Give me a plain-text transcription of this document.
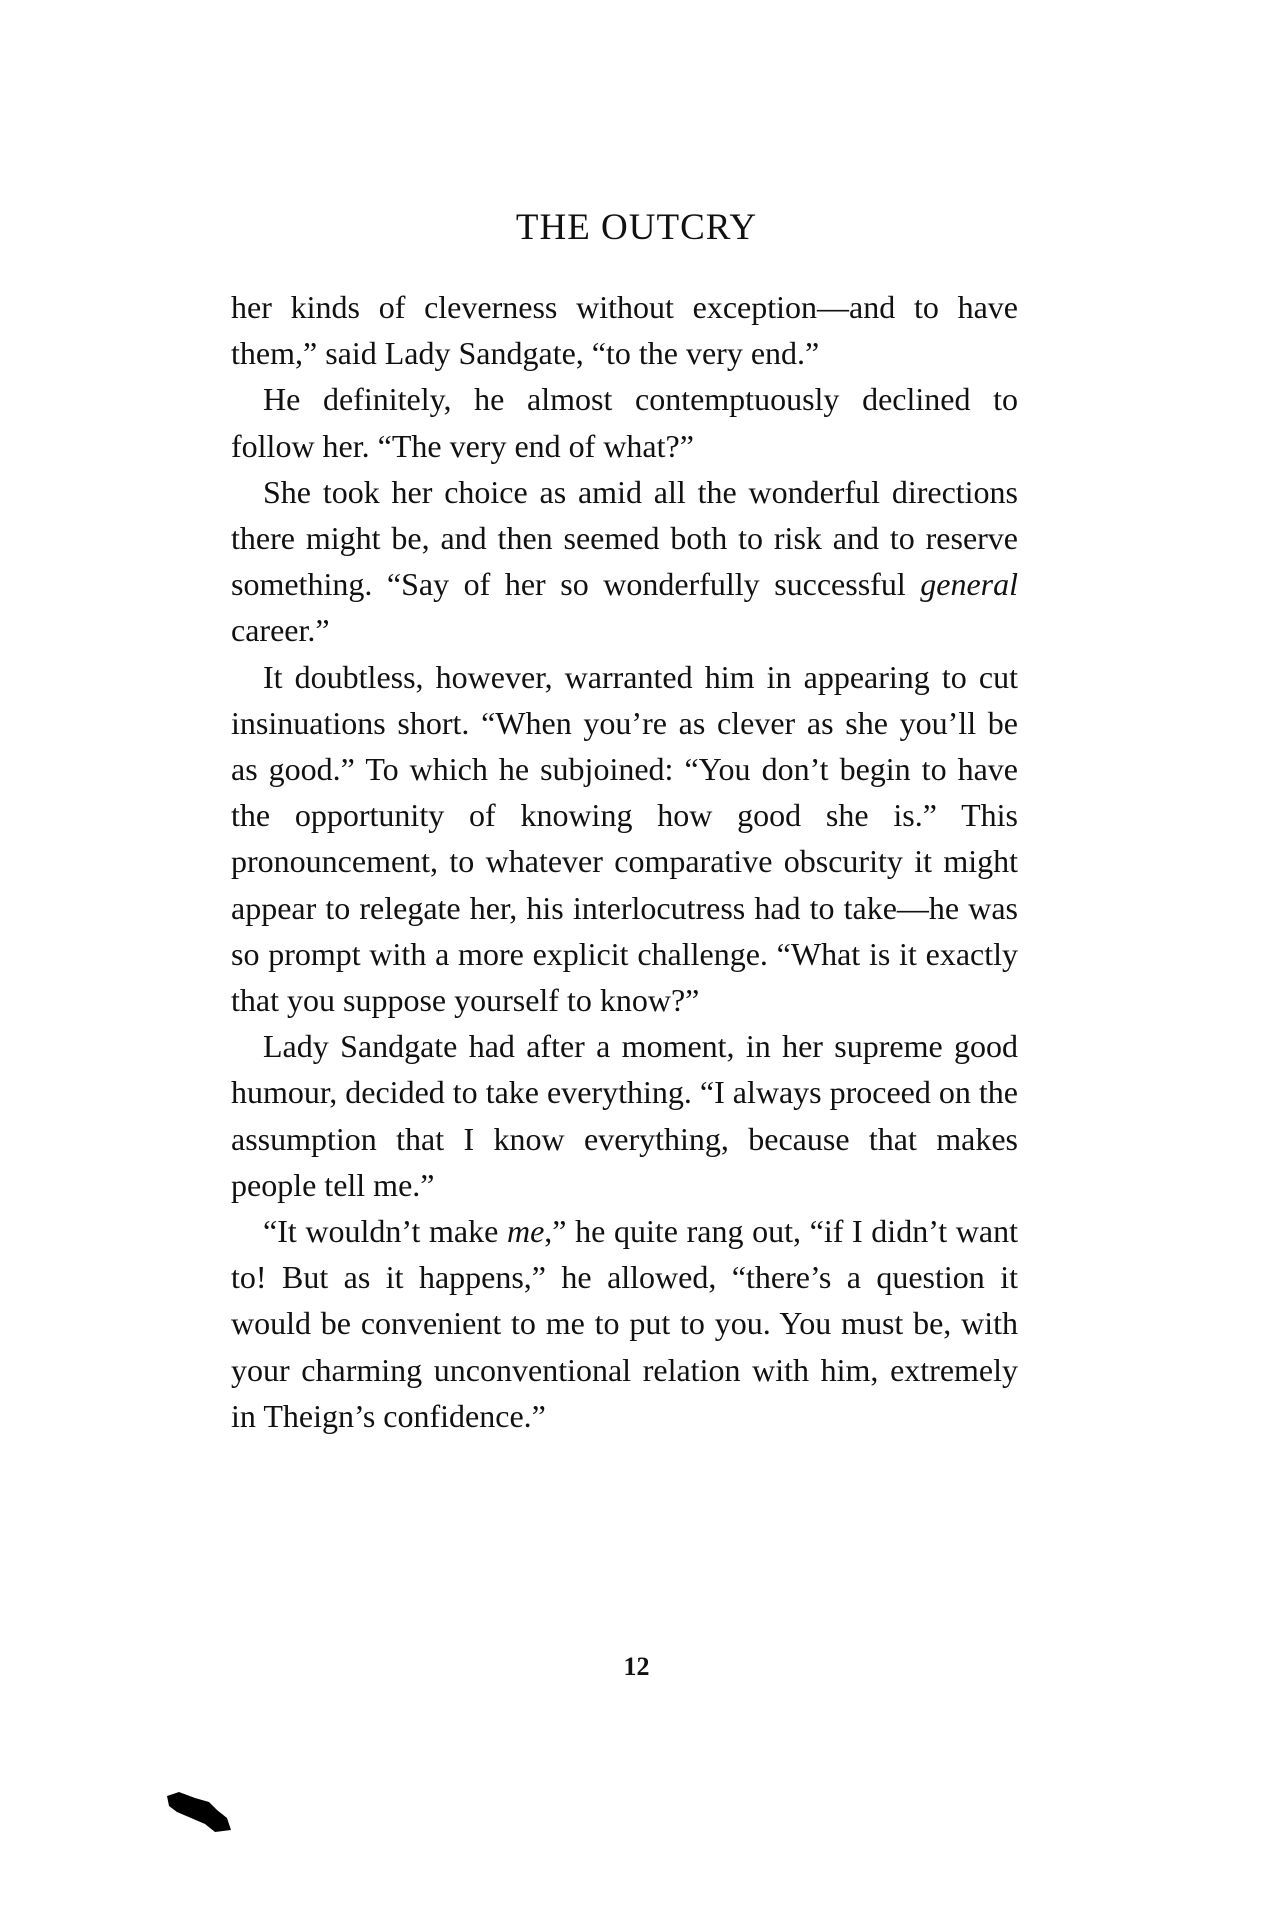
THE OUTCRY

her kinds of cleverness without exception—and to have them,” said Lady Sandgate, “to the very end.”

He definitely, he almost contemptuously declined to follow her. “The very end of what?”

She took her choice as amid all the wonderful directions there might be, and then seemed both to risk and to reserve something. “Say of her so wonderfully successful general career.”

It doubtless, however, warranted him in appearing to cut insinuations short. “When you’re as clever as she you’ll be as good.” To which he subjoined: “You don’t begin to have the opportunity of knowing how good she is.” This pronouncement, to whatever comparative obscurity it might appear to relegate her, his interlocutress had to take—he was so prompt with a more explicit challenge. “What is it exactly that you suppose yourself to know?”

Lady Sandgate had after a moment, in her supreme good humour, decided to take everything. “I always proceed on the assumption that I know everything, because that makes people tell me.”

“It wouldn’t make me,” he quite rang out, “if I didn’t want to! But as it happens,” he allowed, “there’s a question it would be convenient to me to put to you. You must be, with your charming unconventional relation with him, extremely in Theign’s confidence.”

12
